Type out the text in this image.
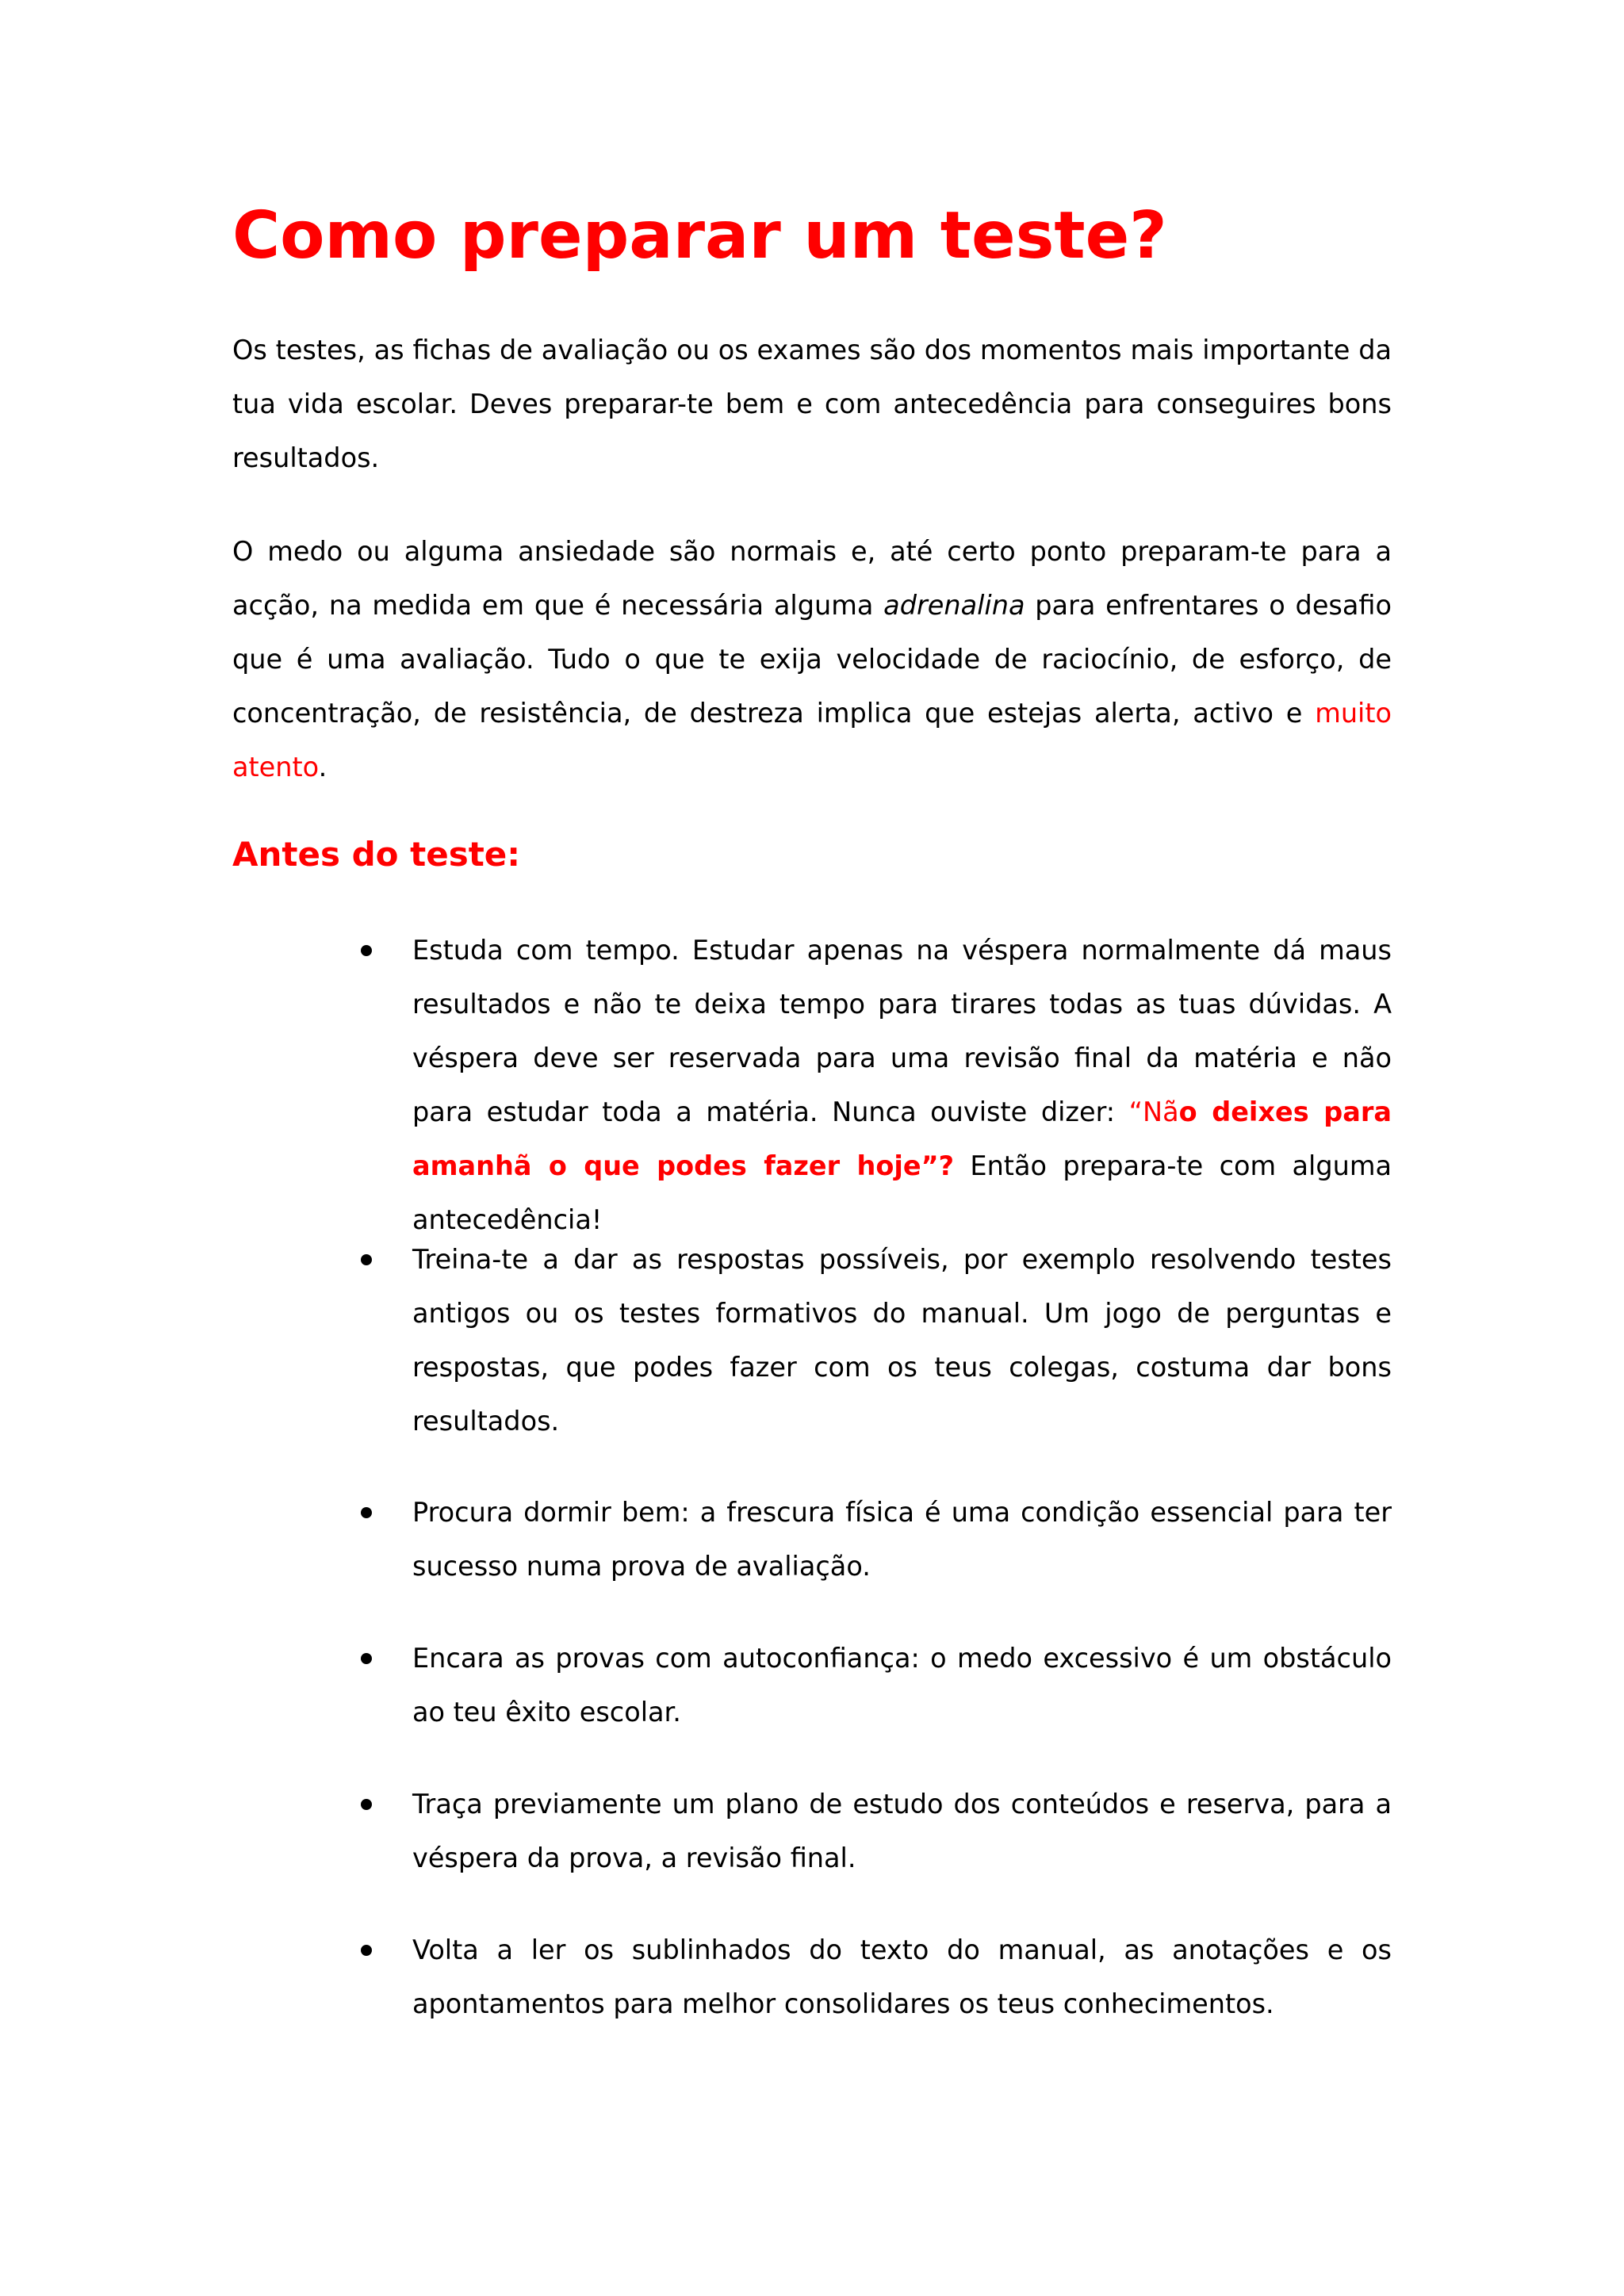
Como preparar um teste?

Os testes, as fichas de avaliação ou os exames são dos momentos mais importante da tua vida escolar. Deves preparar-te bem e com antecedência para conseguires bons resultados.

O medo ou alguma ansiedade são normais e, até certo ponto preparam-te para a acção, na medida em que é necessária alguma adrenalina para enfrentares o desafio que é uma avaliação. Tudo o que te exija velocidade de raciocínio, de esforço, de concentração, de resistência, de destreza implica que estejas alerta, activo e muito atento.

Antes do teste:

Estuda com tempo. Estudar apenas na véspera normalmente dá maus resultados e não te deixa tempo para tirares todas as tuas dúvidas. A véspera deve ser reservada para uma revisão final da matéria e não para estudar toda a matéria. Nunca ouviste dizer: “Não deixes para amanhã o que podes fazer hoje”? Então prepara-te com alguma antecedência!

Treina-te a dar as respostas possíveis, por exemplo resolvendo testes antigos ou os testes formativos do manual. Um jogo de perguntas e respostas, que podes fazer com os teus colegas, costuma dar bons resultados.

Procura dormir bem: a frescura física é uma condição essencial para ter sucesso numa prova de avaliação.

Encara as provas com autoconfiança: o medo excessivo é um obstáculo ao teu êxito escolar.

Traça previamente um plano de estudo dos conteúdos e reserva, para a véspera da prova, a revisão final.

Volta a ler os sublinhados do texto do manual, as anotações e os apontamentos para melhor consolidares os teus conhecimentos.
